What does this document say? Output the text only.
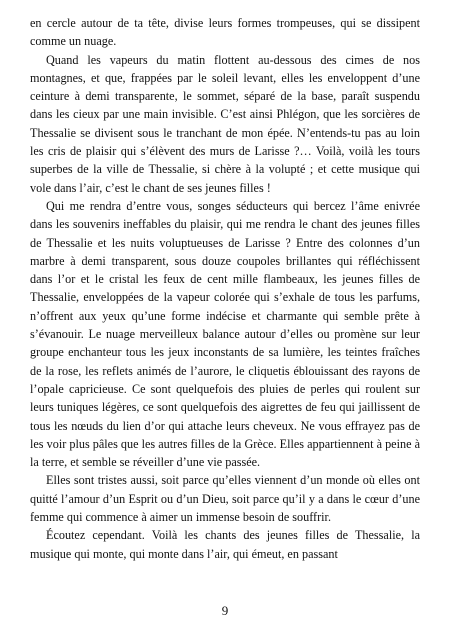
en cercle autour de ta tête, divise leurs formes trompeuses, qui se dissipent comme un nuage.

Quand les vapeurs du matin flottent au-dessous des cimes de nos montagnes, et que, frappées par le soleil levant, elles les enveloppent d’une ceinture à demi transparente, le sommet, séparé de la base, paraît suspendu dans les cieux par une main invisible. C’est ainsi Phlégon, que les sorcières de Thessalie se divisent sous le tranchant de mon épée. N’entends-tu pas au loin les cris de plaisir qui s’élèvent des murs de Larisse ?… Voilà, voilà les tours superbes de la ville de Thessalie, si chère à la volupté ; et cette musique qui vole dans l’air, c’est le chant de ses jeunes filles !

Qui me rendra d’entre vous, songes séducteurs qui bercez l’âme enivrée dans les souvenirs ineffables du plaisir, qui me rendra le chant des jeunes filles de Thessalie et les nuits voluptueuses de Larisse ? Entre des colonnes d’un marbre à demi transparent, sous douze coupoles brillantes qui réfléchissent dans l’or et le cristal les feux de cent mille flambeaux, les jeunes filles de Thessalie, enveloppées de la vapeur colorée qui s’exhale de tous les parfums, n’offrent aux yeux qu’une forme indécise et charmante qui semble prête à s’évanouir. Le nuage merveilleux balance autour d’elles ou promène sur leur groupe enchanteur tous les jeux inconstants de sa lumière, les teintes fraîches de la rose, les reflets animés de l’aurore, le cliquetis éblouissant des rayons de l’opale capricieuse. Ce sont quelquefois des pluies de perles qui roulent sur leurs tuniques légères, ce sont quelquefois des aigrettes de feu qui jaillissent de tous les nœuds du lien d’or qui attache leurs cheveux. Ne vous effrayez pas de les voir plus pâles que les autres filles de la Grèce. Elles appartiennent à peine à la terre, et semble se réveiller d’une vie passée.

Elles sont tristes aussi, soit parce qu’elles viennent d’un monde où elles ont quitté l’amour d’un Esprit ou d’un Dieu, soit parce qu’il y a dans le cœur d’une femme qui commence à aimer un immense besoin de souffrir.

Écoutez cependant. Voilà les chants des jeunes filles de Thessalie, la musique qui monte, qui monte dans l’air, qui émeut, en passant

9
